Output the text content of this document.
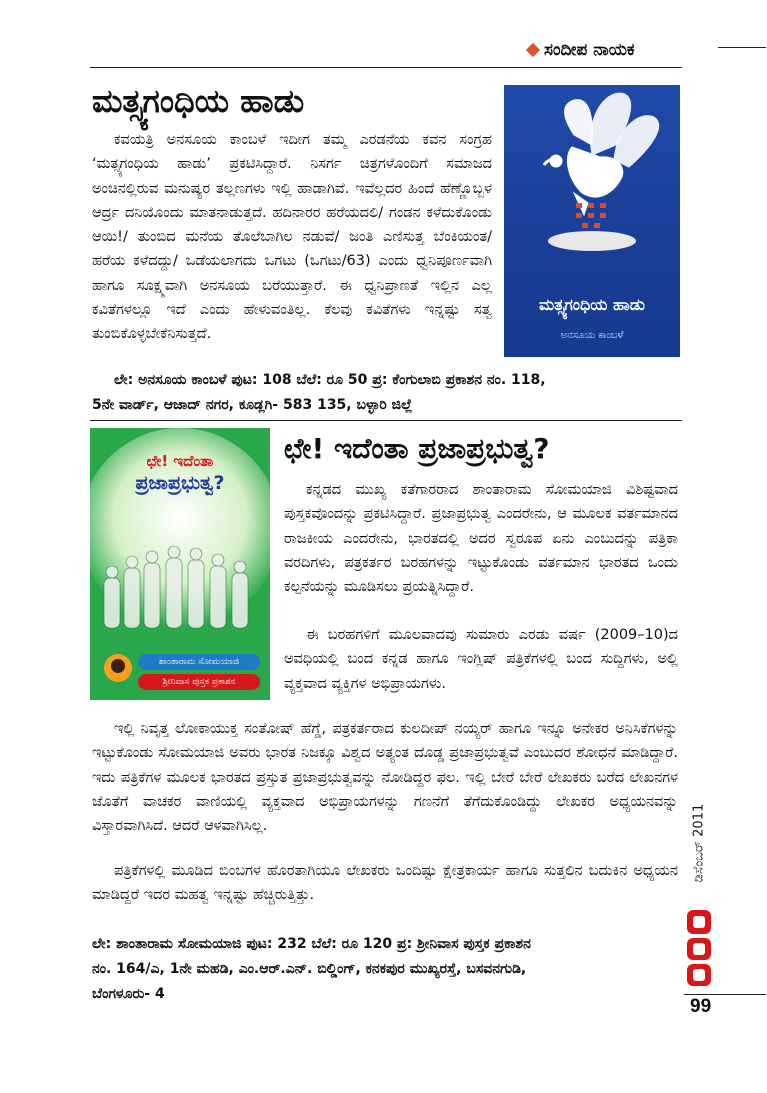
ಸಂದೀಪ ನಾಯಕ
ಮತ್ಸ್ಯಗಂಧಿಯ ಹಾಡು

ಕವಯತ್ರಿ ಅನಸೂಯ ಕಾಂಬಳೆ ಇದೀಗ ತಮ್ಮ ಎರಡನೆಯ ಕವನ ಸಂಗ್ರಹ ‘ಮತ್ಸ್ಯಗಂಧಿಯ ಹಾಡು’ ಪ್ರಕಟಿಸಿದ್ದಾರೆ. ನಿಸರ್ಗ ಚಿತ್ರಗಳೊಂದಿಗೆ ಸಮಾಜದ ಅಂಚಿನಲ್ಲಿರುವ ಮನುಷ್ಯರ ತಲ್ಲಣಗಳು ಇಲ್ಲಿ ಹಾಡಾಗಿವೆ. ಇವೆಲ್ಲದರ ಹಿಂದೆ ಹೆಣ್ಣೊಬ್ಬಳ ಆರ್ದ್ರ ದನಿಯೊಂದು ಮಾತನಾಡುತ್ತದೆ. ಹದಿನಾರರ ಹರೆಯದಲಿ/ ಗಂಡನ ಕಳೆದುಕೊಂಡು ಆಯಿ!/ ತುಂಬಿದ ಮನೆಯ ತೊಲೆಬಾಗಿಲ ನಡುವೆ/ ಜಂತಿ ಎಣಿಸುತ್ತ ಬೆಂಕಿಯಂತ/ ಹರೆಯ ಕಳೆದದ್ದು/ ಒಡೆಯಲಾಗದು ಒಗಟು (ಒಗಟು/63) ಎಂದು ಧ್ವನಿಪೂರ್ಣವಾಗಿ ಹಾಗೂ ಸೂಕ್ಷ್ಮವಾಗಿ ಅನಸೂಯ ಬರೆಯುತ್ತಾರೆ. ಈ ಧ್ವನಿಪ್ರಾಣತೆ ಇಲ್ಲಿನ ಎಲ್ಲ ಕವಿತೆಗಳಲ್ಲೂ ಇದೆ ಎಂದು ಹೇಳುವಂತಿಲ್ಲ. ಕೆಲವು ಕವಿತೆಗಳು ಇನ್ನಷ್ಟು ಸತ್ವ ತುಂಬಿಕೊಳ್ಳಬೇಕೆನಿಸುತ್ತದೆ.

ಮತ್ಸ್ಯಗಂಧಿಯ ಹಾಡು
ಅನಸೂಯ ಕಾಂಬಳೆ

ಲೇ: ಅನಸೂಯ ಕಾಂಬಳೆ ಪುಟ: 108 ಬೆಲೆ: ರೂ 50 ಪ್ರ: ಕೆಂಗುಲಾಬಿ ಪ್ರಕಾಶನ ನಂ. 118,

5ನೇ ವಾರ್ಡ್, ಆಜಾದ್ ನಗರ, ಕೂಡ್ಲಗಿ- 583 135, ಬಳ್ಳಾರಿ ಜಿಲ್ಲೆ

ಛೇ! ಇದೆಂತಾ
ಪ್ರಜಾಪ್ರಭುತ್ವ?
ಶಾಂತಾರಾಮ ಸೋಮಯಾಜಿ
ಶ್ರೀನಿವಾಸ ಪುಸ್ತಕ ಪ್ರಕಾಶನ
ಛೇ! ಇದೆಂತಾ ಪ್ರಜಾಪ್ರಭುತ್ವ?

ಕನ್ನಡದ ಮುಖ್ಯ ಕತೆಗಾರರಾದ ಶಾಂತಾರಾಮ ಸೋಮಯಾಜಿ ವಿಶಿಷ್ಟವಾದ ಪುಸ್ತಕವೊಂದನ್ನು ಪ್ರಕಟಿಸಿದ್ದಾರೆ. ಪ್ರಜಾಪ್ರಭುತ್ವ ಎಂದರೇನು, ಆ ಮೂಲಕ ವರ್ತಮಾನದ ರಾಜಕೀಯ ಎಂದರೇನು, ಭಾರತದಲ್ಲಿ ಅದರ ಸ್ವರೂಪ ಏನು ಎಂಬುದನ್ನು ಪತ್ರಿಕಾ ವರದಿಗಳು, ಪತ್ರಕರ್ತರ ಬರಹಗಳನ್ನು ಇಟ್ಟುಕೊಂಡು ವರ್ತಮಾನ ಭಾರತದ ಒಂದು ಕಲ್ಪನೆಯನ್ನು ಮೂಡಿಸಲು ಪ್ರಯತ್ನಿಸಿದ್ದಾರೆ.

ಈ ಬರಹಗಳಿಗೆ ಮೂಲವಾದವು ಸುಮಾರು ಎರಡು ವರ್ಷ (2009–10)ದ ಅವಧಿಯಲ್ಲಿ ಬಂದ ಕನ್ನಡ ಹಾಗೂ ಇಂಗ್ಲಿಷ್ ಪತ್ರಿಕೆಗಳಲ್ಲಿ ಬಂದ ಸುದ್ದಿಗಳು, ಅಲ್ಲಿ ವ್ಯಕ್ತವಾದ ವ್ಯಕ್ತಿಗಳ ಅಭಿಪ್ರಾಯಗಳು.

ಇಲ್ಲಿ ನಿವೃತ್ತ ಲೋಕಾಯುಕ್ತ ಸಂತೋಷ್ ಹೆಗ್ಡೆ, ಪತ್ರಕರ್ತರಾದ ಕುಲದೀಪ್ ನಯ್ಯರ್ ಹಾಗೂ ಇನ್ನೂ ಅನೇಕರ ಅನಿಸಿಕೆಗಳನ್ನು ಇಟ್ಟುಕೊಂಡು ಸೋಮಯಾಜಿ ಅವರು ಭಾರತ ನಿಜಕ್ಕೂ ವಿಶ್ವದ ಅತ್ಯಂತ ದೊಡ್ಡ ಪ್ರಜಾಪ್ರಭುತ್ವವೆ ಎಂಬುದರ ಶೋಧನೆ ಮಾಡಿದ್ದಾರೆ. ಇದು ಪತ್ರಿಕೆಗಳ ಮೂಲಕ ಭಾರತದ ಪ್ರಸ್ತುತ ಪ್ರಜಾಪ್ರಭುತ್ವವನ್ನು ನೋಡಿದ್ದರ ಫಲ. ಇಲ್ಲಿ ಬೇರೆ ಬೇರೆ ಲೇಖಕರು ಬರೆದ ಲೇಖನಗಳ ಜೊತೆಗೆ ವಾಚಕರ ವಾಣಿಯಲ್ಲಿ ವ್ಯಕ್ತವಾದ ಅಭಿಪ್ರಾಯಗಳನ್ನು ಗಣನೆಗೆ ತೆಗೆದುಕೊಂಡಿದ್ದು ಲೇಖಕರ ಅಧ್ಯಯನವನ್ನು ವಿಸ್ತಾರವಾಗಿಸಿದೆ. ಆದರೆ ಆಳವಾಗಿಸಿಲ್ಲ.

ಪತ್ರಿಕೆಗಳಲ್ಲಿ ಮೂಡಿದ ಬಿಂಬಗಳ ಹೊರತಾಗಿಯೂ ಲೇಖಕರು ಒಂದಿಷ್ಟು ಕ್ಷೇತ್ರಕಾರ್ಯ ಹಾಗೂ ಸುತ್ತಲಿನ ಬದುಕಿನ ಅಧ್ಯಯನ ಮಾಡಿದ್ದರೆ ಇದರ ಮಹತ್ವ ಇನ್ನಷ್ಟು ಹೆಚ್ಚಿರುತ್ತಿತ್ತು.

ಲೇ: ಶಾಂತಾರಾಮ ಸೋಮಯಾಜಿ ಪುಟ: 232 ಬೆಲೆ: ರೂ 120 ಪ್ರ: ಶ್ರೀನಿವಾಸ ಪುಸ್ತಕ ಪ್ರಕಾಶನ

ನಂ. 164/ಎ, 1ನೇ ಮಹಡಿ, ಎಂ.ಆರ್.ಎನ್. ಬಿಲ್ಡಿಂಗ್, ಕನಕಪುರ ಮುಖ್ಯರಸ್ತೆ, ಬಸವನಗುಡಿ,

ಬೆಂಗಳೂರು- 4

ಡಿಸೆಂಬರ್ 2011
99
